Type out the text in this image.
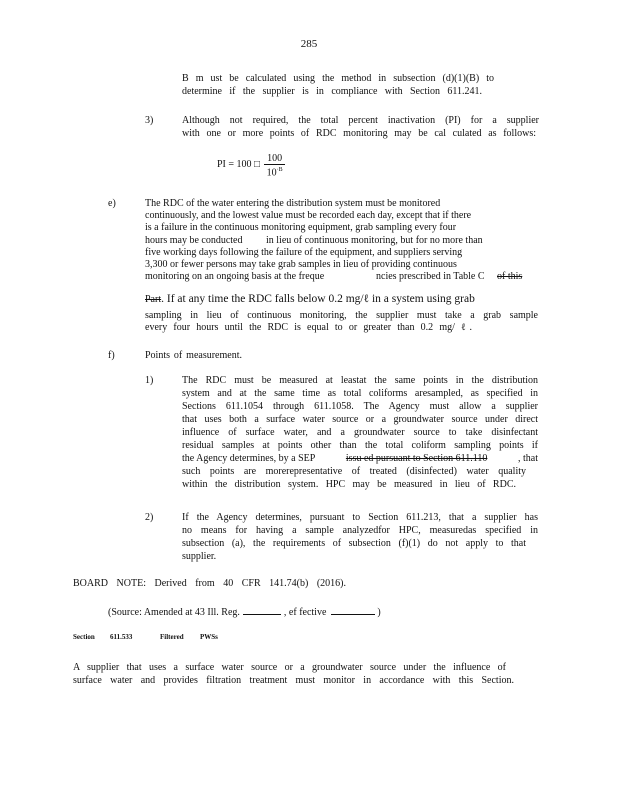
285
B m ust be calculated using the method in subsection (d)(1)(B) to
determine if the supplier is in compliance with Section 611.241.
3)	Although not required, the total percent inactivation (PI) for a supplier
with one or more points of RDC monitoring may be cal culated as follows:
PI = 100 □ $\frac{100}{10^{\cdot B}}$
e)	The RDC of the water entering the distribution system must be monitored
continuously, and the lowest value must be recorded each day, except that if there
is a failure in the continuous monitoring equipment, grab sampling every four
hours may be conducted in lieu of continuous monitoring, but for no more than
five working days following the failure of the equipment, and suppliers serving
3,300 or fewer persons may take grab samples in lieu of providing continuous
monitoring on an ongoing basis at the freque	ncies prescribed in Table C of this
Part . If at any time the RDC falls below 0.2 mg/ℓ in a system using grab
sampling in lieu of continuous monitoring, the supplier must take a grab sample
every four hours until the RDC is equal to or greater than 0.2 mg/ ℓ.
f)	Points of measurement.
1)	The RDC must be measured at leastat the same points in the distribution
system and at the same time as total coliforms aresampled, as specified in
Sections 611.1054 through 611.1058. The Agency must allow a supplier
that uses both a surface water source or a groundwater source under direct
influence of surface water, and a groundwater source to take disinfectant
residual samples at points other than the total coliform sampling points if
the Agency determines, by a SEP	issu ed pursuant to Section 611.110	, that
such points are morerepresentative of treated (disinfected) water quality
within the distribution system. HPC may be measured in lieu of RDC.
2)	If the Agency determines, pursuant to Section 611.213, that a supplier has
no means for having a sample analyzedfor HPC, measuredas specified in
subsection (a), the requirements of subsection (f)(1) do not apply to that
supplier.
BOARD NOTE: Derived from 40 CFR 141.74(b) (2016).
(Source: Amended at 43 Ill. Reg.	, ef fective	)
Section 611.533	Filtered PWSs
A supplier that uses a surface water source or a groundwater source under the influence of
surface water and provides filtration treatment must monitor in accordance with this Section.
